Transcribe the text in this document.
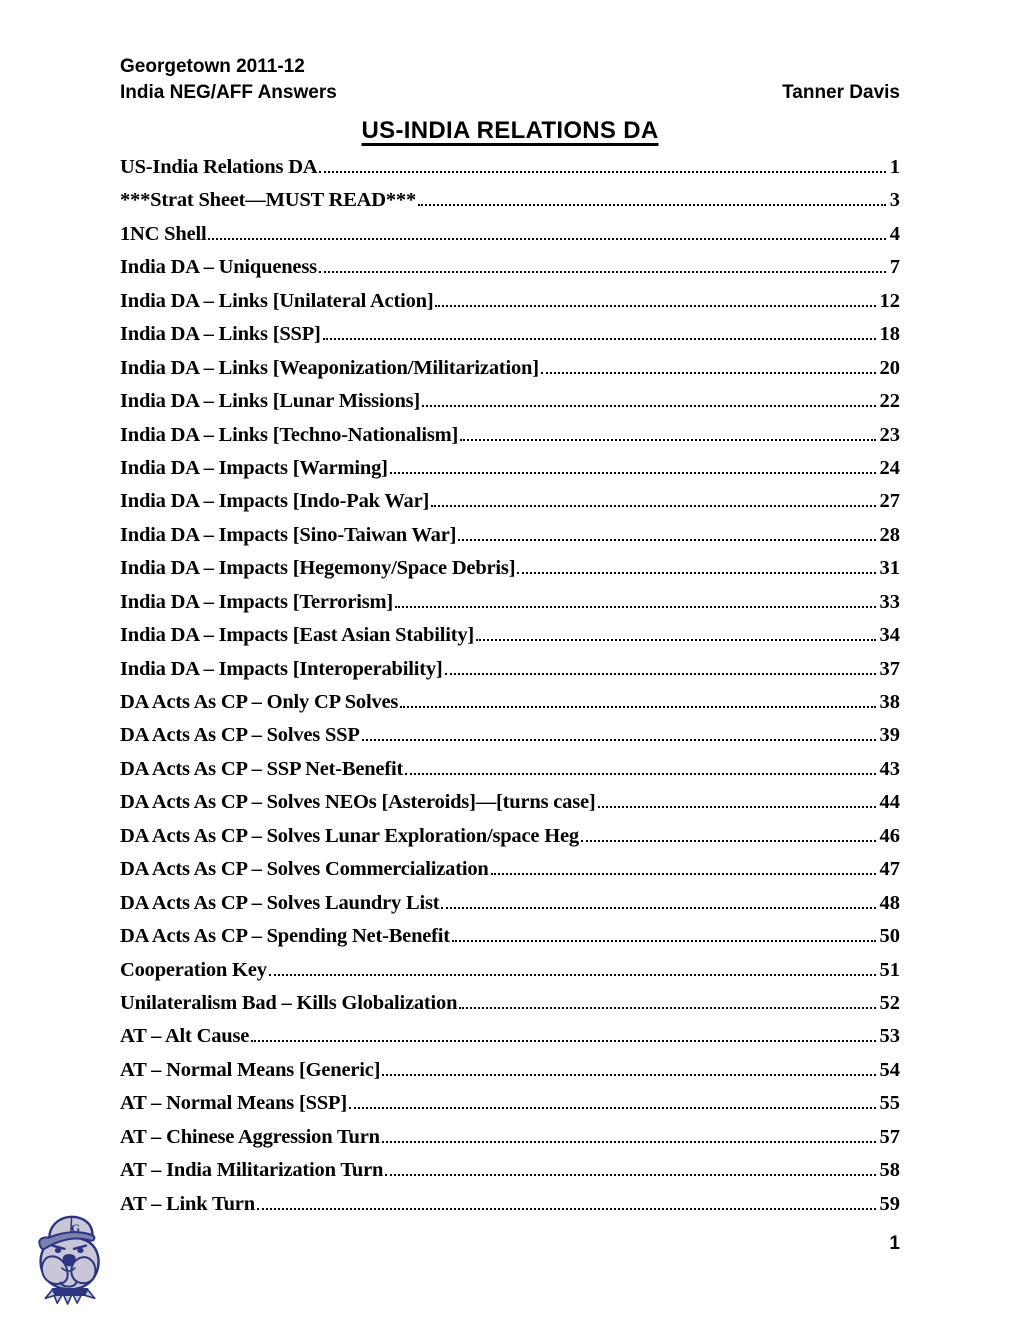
Georgetown 2011-12
India NEG/AFF Answers	Tanner Davis
US-INDIA RELATIONS DA
US-India Relations DA	1
***Strat Sheet—MUST READ***	3
1NC Shell	4
India DA – Uniqueness	7
India DA – Links [Unilateral Action]	12
India DA – Links [SSP]	18
India DA – Links [Weaponization/Militarization]	20
India DA – Links [Lunar Missions]	22
India DA – Links [Techno-Nationalism]	23
India DA – Impacts [Warming]	24
India DA – Impacts [Indo-Pak War]	27
India DA – Impacts [Sino-Taiwan War]	28
India DA – Impacts [Hegemony/Space Debris]	31
India DA – Impacts [Terrorism]	33
India DA – Impacts [East Asian Stability]	34
India DA – Impacts [Interoperability]	37
DA Acts As CP – Only CP Solves	38
DA Acts As CP – Solves SSP	39
DA Acts As CP – SSP Net-Benefit	43
DA Acts As CP – Solves NEOs [Asteroids]—[turns case]	44
DA Acts As CP – Solves Lunar Exploration/space Heg	46
DA Acts As CP – Solves Commercialization	47
DA Acts As CP – Solves Laundry List	48
DA Acts As CP – Spending Net-Benefit	50
Cooperation Key	51
Unilateralism Bad – Kills Globalization	52
AT – Alt Cause	53
AT – Normal Means [Generic]	54
AT – Normal Means [SSP]	55
AT – Chinese Aggression Turn	57
AT – India Militarization Turn	58
AT – Link Turn	59
G
1
